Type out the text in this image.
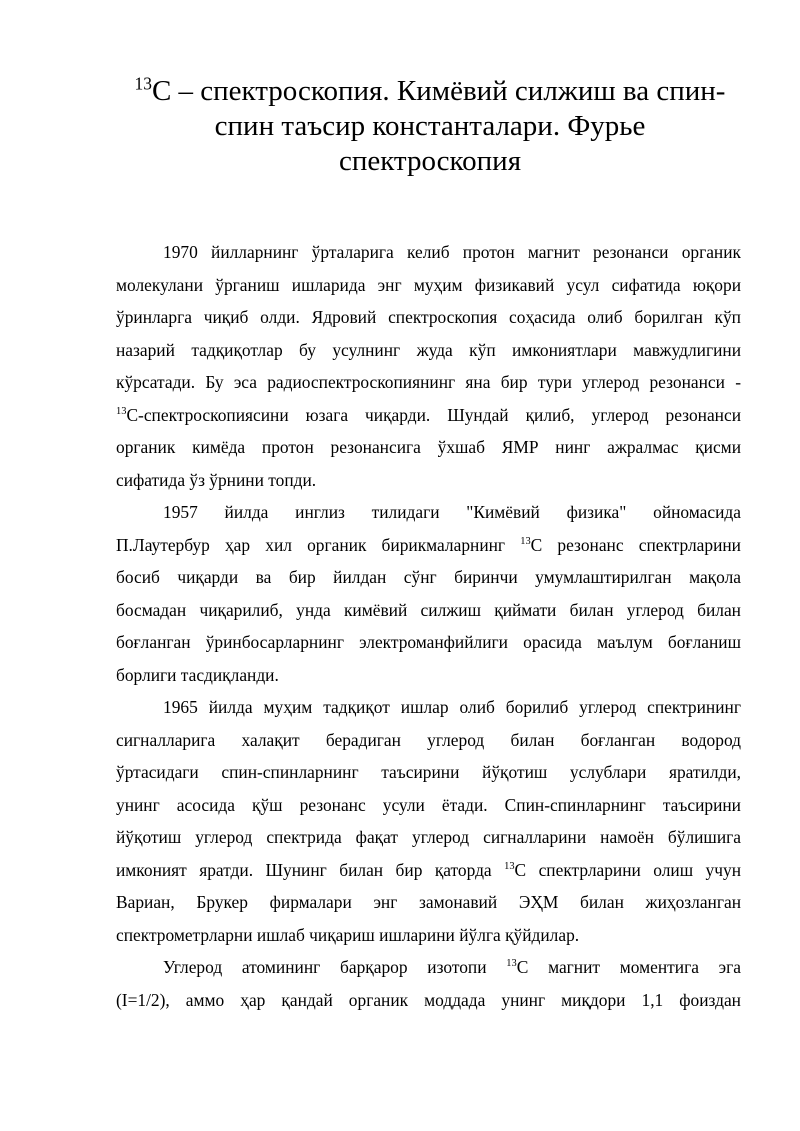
$^{13}$C – спектроскопия. Кимёвий силжиш ва спин-
спин таъсир константалари. Фурье
спектроскопия
1970 йилларнинг ўрталарига келиб протон магнит резонанси органик
молекулани ўрганиш ишларида энг муҳим физикавий усул сифатида юқори
ўринларга чиқиб олди. Ядровий спектроскопия соҳасида олиб борилган кўп
назарий тадқиқотлар бу усулнинг жуда кўп имкониятлари мавжудлигини
кўрсатади. Бу эса радиоспектроскопиянинг яна бир тури углерод резонанси -
$^{13}$C-спектроскопиясини юзага чиқарди. Шундай қилиб, углерод резонанси
органик кимёда протон резонансига ўхшаб ЯМР нинг ажралмас қисми
сифатида ўз ўрнини топди.
1957 йилда инглиз тилидаги "Кимёвий физика" ойномасида
П.Лаутербур ҳар хил органик бирикмаларнинг $^{13}$C резонанс спектрларини
босиб чиқарди ва бир йилдан сўнг биринчи умумлаштирилган мақола
босмадан чиқарилиб, унда кимёвий силжиш қиймати билан углерод билан
боғланган ўринбосарларнинг электроманфийлиги орасида маълум боғланиш
борлиги тасдиқланди.
1965 йилда муҳим тадқиқот ишлар олиб борилиб углерод спектрининг
сигналларига халақит берадиган углерод билан боғланган водород
ўртасидаги спин-спинларнинг таъсирини йўқотиш услублари яратилди,
унинг асосида қўш резонанс усули ётади. Спин-спинларнинг таъсирини
йўқотиш углерод спектрида фақат углерод сигналларини намоён бўлишига
имконият яратди. Шунинг билан бир қаторда $^{13}$C спектрларини олиш учун
Вариан, Брукер фирмалари энг замонавий ЭҲМ билан жиҳозланган
спектрометрларни ишлаб чиқариш ишларини йўлга қўйдилар.
Углерод атомининг барқарор изотопи $^{13}$C магнит моментига эга
(I=1/2), аммо ҳар қандай органик моддада унинг миқдори 1,1 фоиздан
